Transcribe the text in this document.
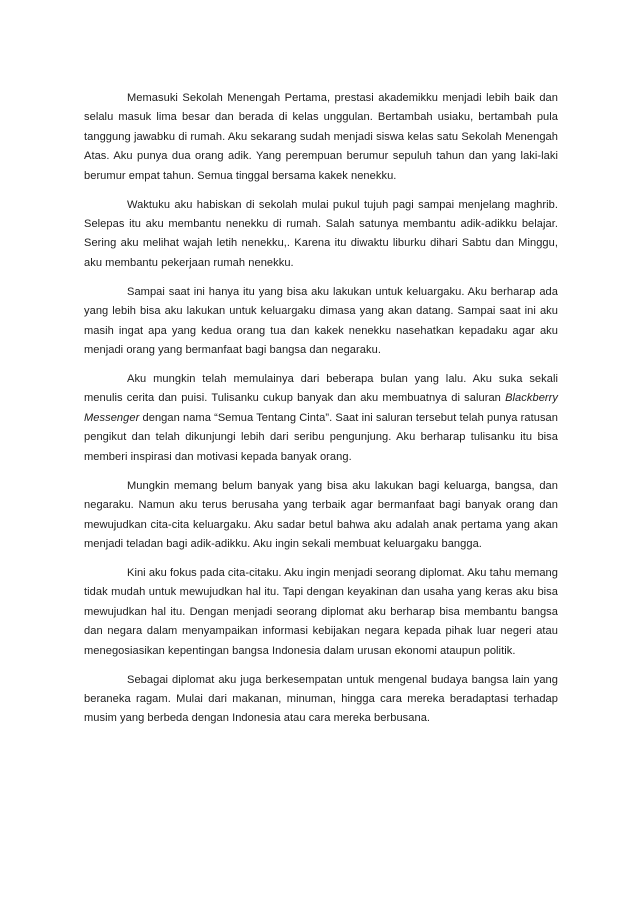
Memasuki Sekolah Menengah Pertama, prestasi akademikku menjadi lebih baik dan selalu masuk lima besar dan berada di kelas unggulan. Bertambah usiaku, bertambah pula tanggung jawabku di rumah. Aku sekarang sudah menjadi siswa kelas satu Sekolah Menengah Atas. Aku punya dua orang adik. Yang perempuan berumur sepuluh tahun dan yang laki-laki berumur empat tahun. Semua tinggal bersama kakek nenekku.

Waktuku aku habiskan di sekolah mulai pukul tujuh pagi sampai menjelang maghrib. Selepas itu aku membantu nenekku di rumah. Salah satunya membantu adik-adikku belajar. Sering aku melihat wajah letih nenekku,. Karena itu diwaktu liburku dihari Sabtu dan Minggu, aku membantu pekerjaan rumah nenekku.

Sampai saat ini hanya itu yang bisa aku lakukan untuk keluargaku. Aku berharap ada yang lebih bisa aku lakukan untuk keluargaku dimasa yang akan datang. Sampai saat ini aku masih ingat apa yang kedua orang tua dan kakek nenekku nasehatkan kepadaku agar aku menjadi orang yang bermanfaat bagi bangsa dan negaraku.

Aku mungkin telah memulainya dari beberapa bulan yang lalu. Aku suka sekali menulis cerita dan puisi. Tulisanku cukup banyak dan aku membuatnya di saluran Blackberry Messenger dengan nama “Semua Tentang Cinta”. Saat ini saluran tersebut telah punya ratusan pengikut dan telah dikunjungi lebih dari seribu pengunjung. Aku berharap tulisanku itu bisa memberi inspirasi dan motivasi kepada banyak orang.

Mungkin memang belum banyak yang bisa aku lakukan bagi keluarga, bangsa, dan negaraku. Namun aku terus berusaha yang terbaik agar bermanfaat bagi banyak orang dan mewujudkan cita-cita keluargaku. Aku sadar betul bahwa aku adalah anak pertama yang akan menjadi teladan bagi adik-adikku. Aku ingin sekali membuat keluargaku bangga.

Kini aku fokus pada cita-citaku. Aku ingin menjadi seorang diplomat. Aku tahu memang tidak mudah untuk mewujudkan hal itu. Tapi dengan keyakinan dan usaha yang keras aku bisa mewujudkan hal itu. Dengan menjadi seorang diplomat aku berharap bisa membantu bangsa dan negara dalam menyampaikan informasi kebijakan negara kepada pihak luar negeri atau menegosiasikan kepentingan bangsa Indonesia dalam urusan ekonomi ataupun politik.

Sebagai diplomat aku juga berkesempatan untuk mengenal budaya bangsa lain yang beraneka ragam. Mulai dari makanan, minuman, hingga cara mereka beradaptasi terhadap musim yang berbeda dengan Indonesia atau cara mereka berbusana.
